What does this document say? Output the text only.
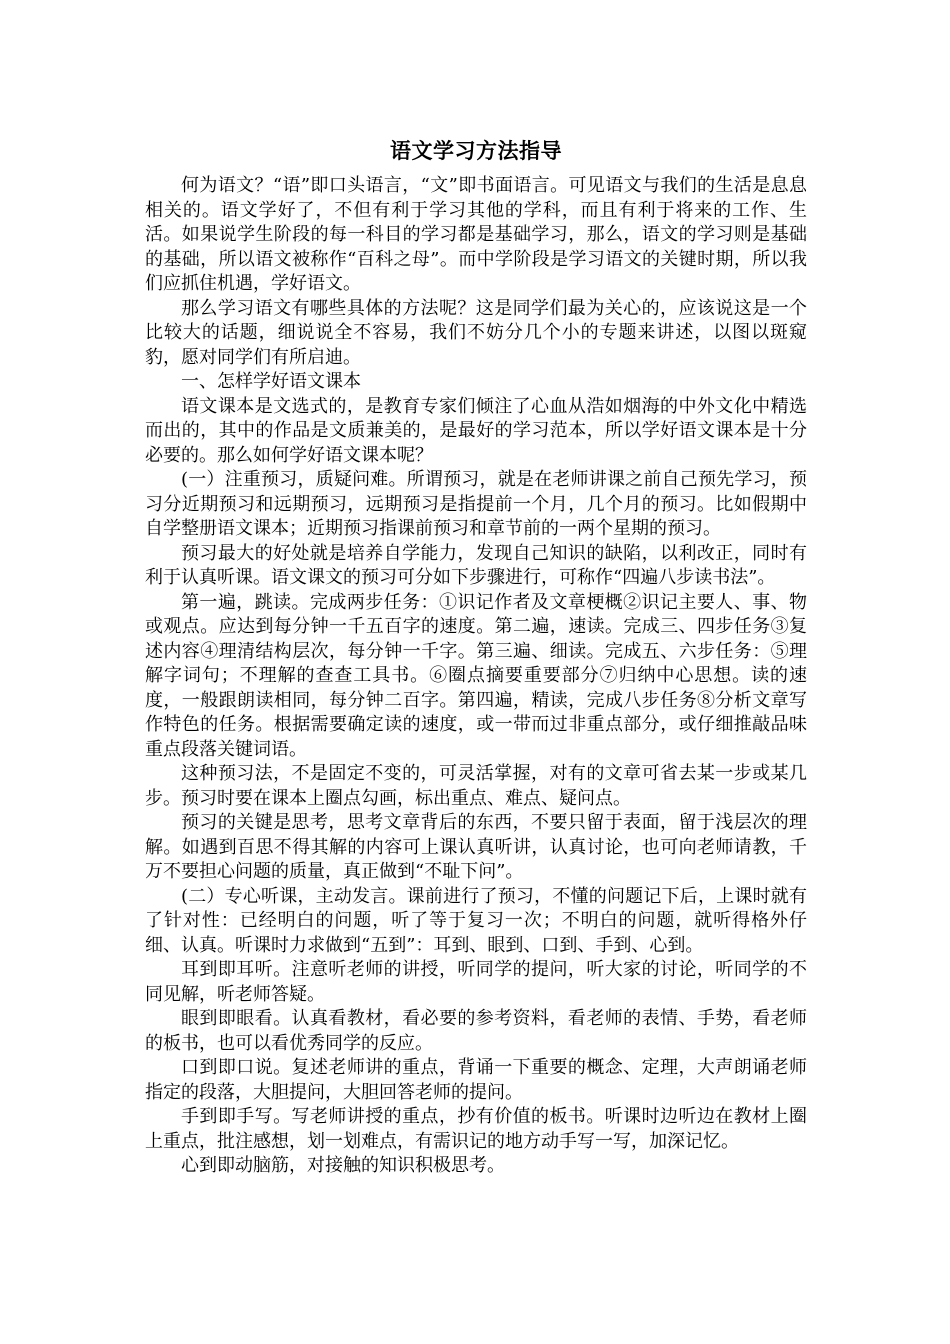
语文学习方法指导

何为语文？“语”即口头语言，“文”即书面语言。可见语文与我们的生活是息息相关的。语文学好了，不但有利于学习其他的学科，而且有利于将来的工作、生活。如果说学生阶段的每一科目的学习都是基础学习，那么，语文的学习则是基础的基础，所以语文被称作“百科之母”。而中学阶段是学习语文的关键时期，所以我们应抓住机遇，学好语文。

那么学习语文有哪些具体的方法呢？这是同学们最为关心的，应该说这是一个比较大的话题，细说说全不容易，我们不妨分几个小的专题来讲述，以图以斑窥豹，愿对同学们有所启迪。

一、怎样学好语文课本

语文课本是文选式的，是教育专家们倾注了心血从浩如烟海的中外文化中精选而出的，其中的作品是文质兼美的，是最好的学习范本，所以学好语文课本是十分必要的。那么如何学好语文课本呢？

(一）注重预习，质疑问难。所谓预习，就是在老师讲课之前自己预先学习，预习分近期预习和远期预习，远期预习是指提前一个月，几个月的预习。比如假期中自学整册语文课本；近期预习指课前预习和章节前的一两个星期的预习。

预习最大的好处就是培养自学能力，发现自己知识的缺陷，以利改正，同时有利于认真听课。语文课文的预习可分如下步骤进行，可称作“四遍八步读书法”。

第一遍，跳读。完成两步任务：①识记作者及文章梗概②识记主要人、事、物或观点。应达到每分钟一千五百字的速度。第二遍，速读。完成三、四步任务③复述内容④理清结构层次，每分钟一千字。第三遍、细读。完成五、六步任务：⑤理解字词句；不理解的查查工具书。⑥圈点摘要重要部分⑦归纳中心思想。读的速度，一般跟朗读相同，每分钟二百字。第四遍，精读，完成八步任务⑧分析文章写作特色的任务。根据需要确定读的速度，或一带而过非重点部分，或仔细推敲品味重点段落关键词语。

这种预习法，不是固定不变的，可灵活掌握，对有的文章可省去某一步或某几步。预习时要在课本上圈点勾画，标出重点、难点、疑问点。

预习的关键是思考，思考文章背后的东西，不要只留于表面，留于浅层次的理解。如遇到百思不得其解的内容可上课认真听讲，认真讨论，也可向老师请教，千万不要担心问题的质量，真正做到“不耻下问”。

(二）专心听课，主动发言。课前进行了预习，不懂的问题记下后，上课时就有了针对性：已经明白的问题，听了等于复习一次；不明白的问题，就听得格外仔细、认真。听课时力求做到“五到”：耳到、眼到、口到、手到、心到。

耳到即耳听。注意听老师的讲授，听同学的提问，听大家的讨论，听同学的不同见解，听老师答疑。

眼到即眼看。认真看教材，看必要的参考资料，看老师的表情、手势，看老师的板书，也可以看优秀同学的反应。

口到即口说。复述老师讲的重点，背诵一下重要的概念、定理，大声朗诵老师指定的段落，大胆提问，大胆回答老师的提问。

手到即手写。写老师讲授的重点，抄有价值的板书。听课时边听边在教材上圈上重点，批注感想，划一划难点，有需识记的地方动手写一写，加深记忆。

心到即动脑筋，对接触的知识积极思考。
